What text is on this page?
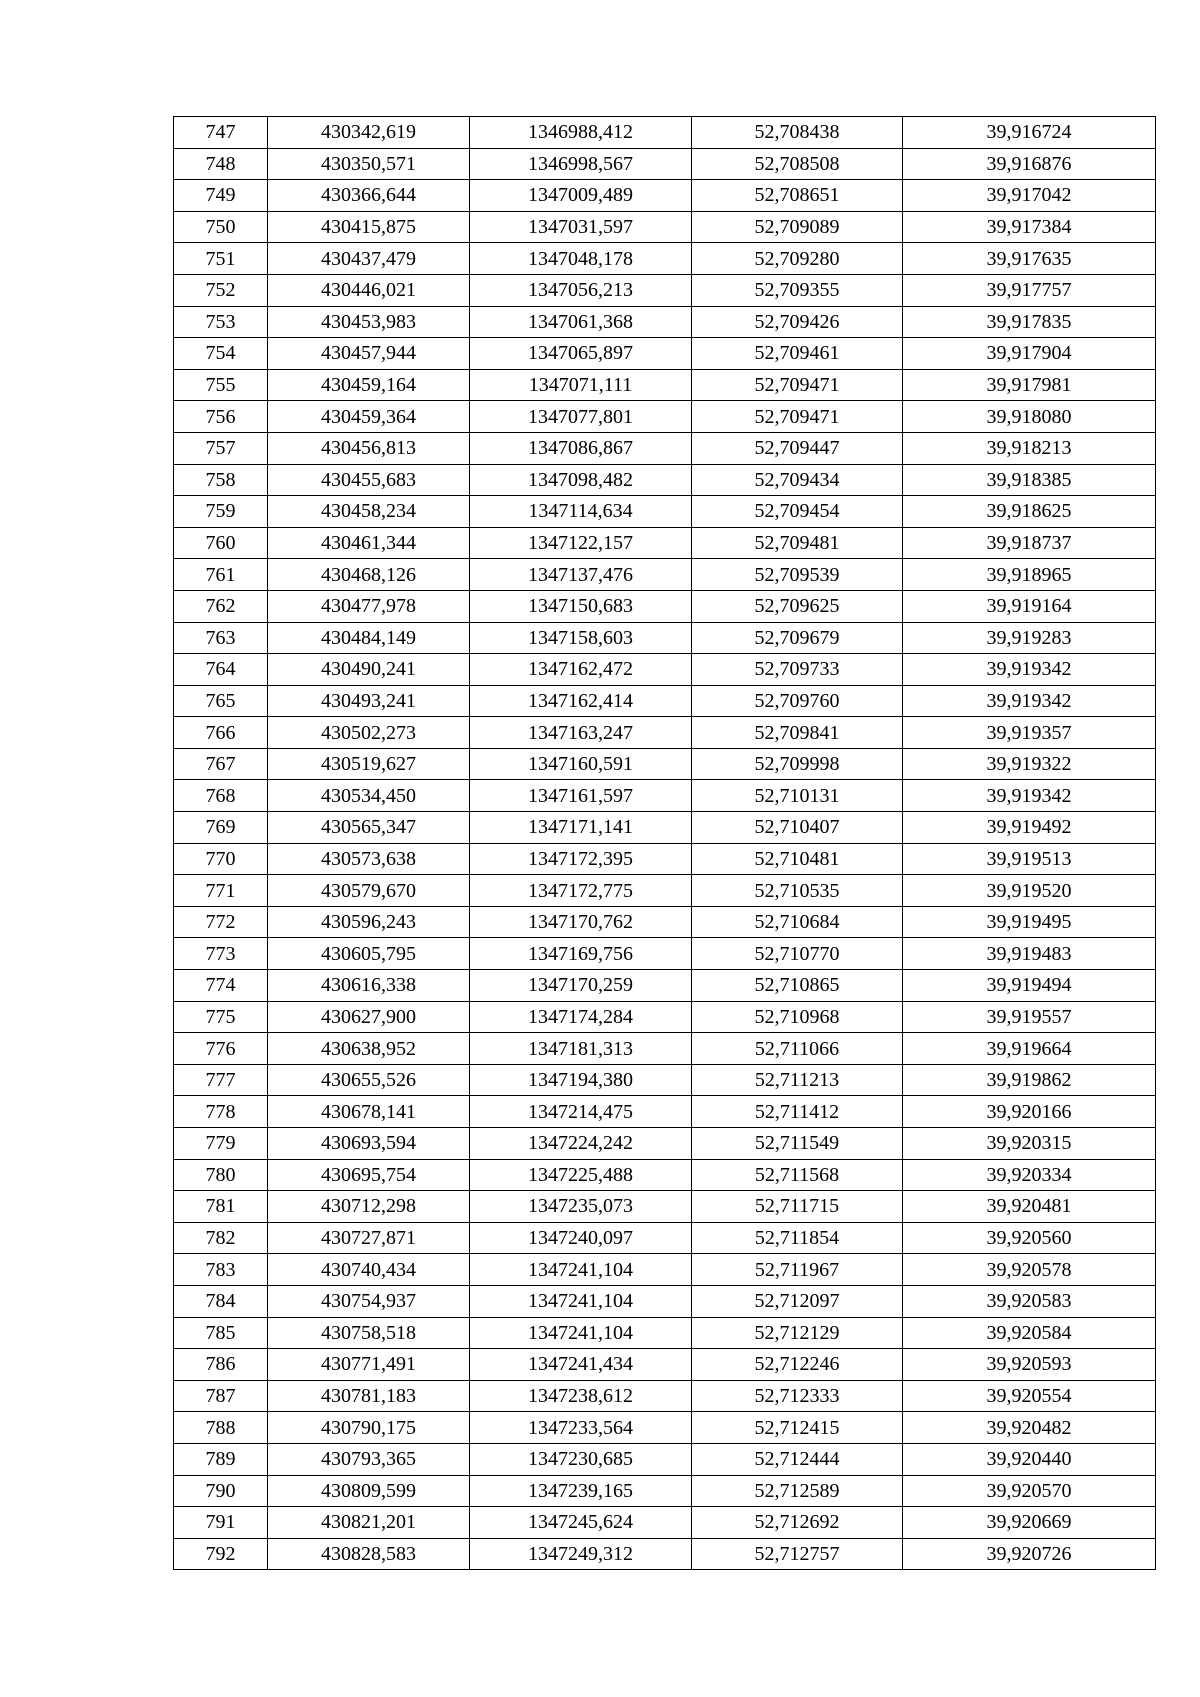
747	430342,619	1346988,412	52,708438	39,916724
748	430350,571	1346998,567	52,708508	39,916876
749	430366,644	1347009,489	52,708651	39,917042
750	430415,875	1347031,597	52,709089	39,917384
751	430437,479	1347048,178	52,709280	39,917635
752	430446,021	1347056,213	52,709355	39,917757
753	430453,983	1347061,368	52,709426	39,917835
754	430457,944	1347065,897	52,709461	39,917904
755	430459,164	1347071,111	52,709471	39,917981
756	430459,364	1347077,801	52,709471	39,918080
757	430456,813	1347086,867	52,709447	39,918213
758	430455,683	1347098,482	52,709434	39,918385
759	430458,234	1347114,634	52,709454	39,918625
760	430461,344	1347122,157	52,709481	39,918737
761	430468,126	1347137,476	52,709539	39,918965
762	430477,978	1347150,683	52,709625	39,919164
763	430484,149	1347158,603	52,709679	39,919283
764	430490,241	1347162,472	52,709733	39,919342
765	430493,241	1347162,414	52,709760	39,919342
766	430502,273	1347163,247	52,709841	39,919357
767	430519,627	1347160,591	52,709998	39,919322
768	430534,450	1347161,597	52,710131	39,919342
769	430565,347	1347171,141	52,710407	39,919492
770	430573,638	1347172,395	52,710481	39,919513
771	430579,670	1347172,775	52,710535	39,919520
772	430596,243	1347170,762	52,710684	39,919495
773	430605,795	1347169,756	52,710770	39,919483
774	430616,338	1347170,259	52,710865	39,919494
775	430627,900	1347174,284	52,710968	39,919557
776	430638,952	1347181,313	52,711066	39,919664
777	430655,526	1347194,380	52,711213	39,919862
778	430678,141	1347214,475	52,711412	39,920166
779	430693,594	1347224,242	52,711549	39,920315
780	430695,754	1347225,488	52,711568	39,920334
781	430712,298	1347235,073	52,711715	39,920481
782	430727,871	1347240,097	52,711854	39,920560
783	430740,434	1347241,104	52,711967	39,920578
784	430754,937	1347241,104	52,712097	39,920583
785	430758,518	1347241,104	52,712129	39,920584
786	430771,491	1347241,434	52,712246	39,920593
787	430781,183	1347238,612	52,712333	39,920554
788	430790,175	1347233,564	52,712415	39,920482
789	430793,365	1347230,685	52,712444	39,920440
790	430809,599	1347239,165	52,712589	39,920570
791	430821,201	1347245,624	52,712692	39,920669
792	430828,583	1347249,312	52,712757	39,920726
